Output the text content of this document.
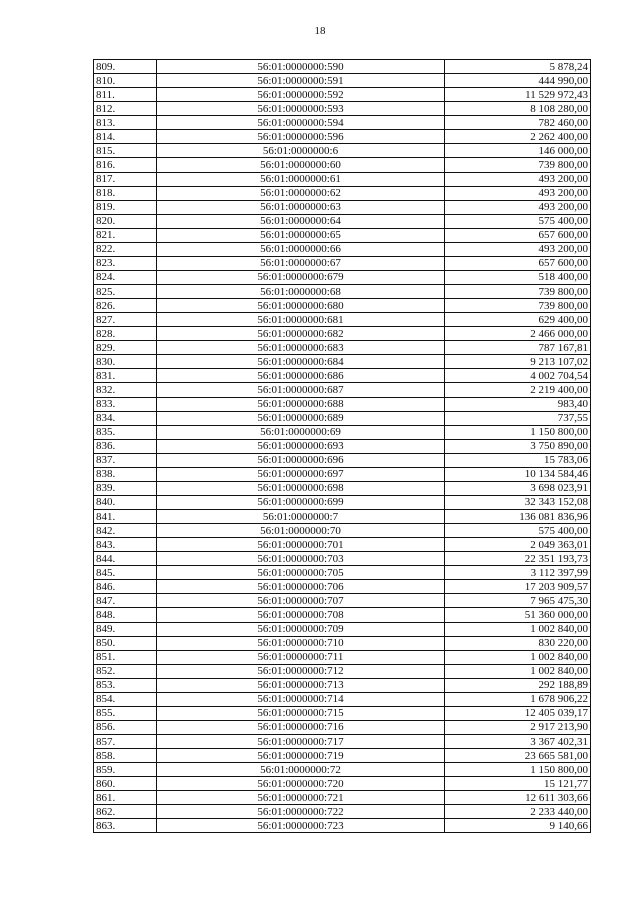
18
809.	56:01:0000000:590	5 878,24
810.	56:01:0000000:591	444 990,00
811.	56:01:0000000:592	11 529 972,43
812.	56:01:0000000:593	8 108 280,00
813.	56:01:0000000:594	782 460,00
814.	56:01:0000000:596	2 262 400,00
815.	56:01:0000000:6	146 000,00
816.	56:01:0000000:60	739 800,00
817.	56:01:0000000:61	493 200,00
818.	56:01:0000000:62	493 200,00
819.	56:01:0000000:63	493 200,00
820.	56:01:0000000:64	575 400,00
821.	56:01:0000000:65	657 600,00
822.	56:01:0000000:66	493 200,00
823.	56:01:0000000:67	657 600,00
824.	56:01:0000000:679	518 400,00
825.	56:01:0000000:68	739 800,00
826.	56:01:0000000:680	739 800,00
827.	56:01:0000000:681	629 400,00
828.	56:01:0000000:682	2 466 000,00
829.	56:01:0000000:683	787 167,81
830.	56:01:0000000:684	9 213 107,02
831.	56:01:0000000:686	4 002 704,54
832.	56:01:0000000:687	2 219 400,00
833.	56:01:0000000:688	983,40
834.	56:01:0000000:689	737,55
835.	56:01:0000000:69	1 150 800,00
836.	56:01:0000000:693	3 750 890,00
837.	56:01:0000000:696	15 783,06
838.	56:01:0000000:697	10 134 584,46
839.	56:01:0000000:698	3 698 023,91
840.	56:01:0000000:699	32 343 152,08
841.	56:01:0000000:7	136 081 836,96
842.	56:01:0000000:70	575 400,00
843.	56:01:0000000:701	2 049 363,01
844.	56:01:0000000:703	22 351 193,73
845.	56:01:0000000:705	3 112 397,99
846.	56:01:0000000:706	17 203 909,57
847.	56:01:0000000:707	7 965 475,30
848.	56:01:0000000:708	51 360 000,00
849.	56:01:0000000:709	1 002 840,00
850.	56:01:0000000:710	830 220,00
851.	56:01:0000000:711	1 002 840,00
852.	56:01:0000000:712	1 002 840,00
853.	56:01:0000000:713	292 188,89
854.	56:01:0000000:714	1 678 906,22
855.	56:01:0000000:715	12 405 039,17
856.	56:01:0000000:716	2 917 213,90
857.	56:01:0000000:717	3 367 402,31
858.	56:01:0000000:719	23 665 581,00
859.	56:01:0000000:72	1 150 800,00
860.	56:01:0000000:720	15 121,77
861.	56:01:0000000:721	12 611 303,66
862.	56:01:0000000:722	2 233 440,00
863.	56:01:0000000:723	9 140,66
